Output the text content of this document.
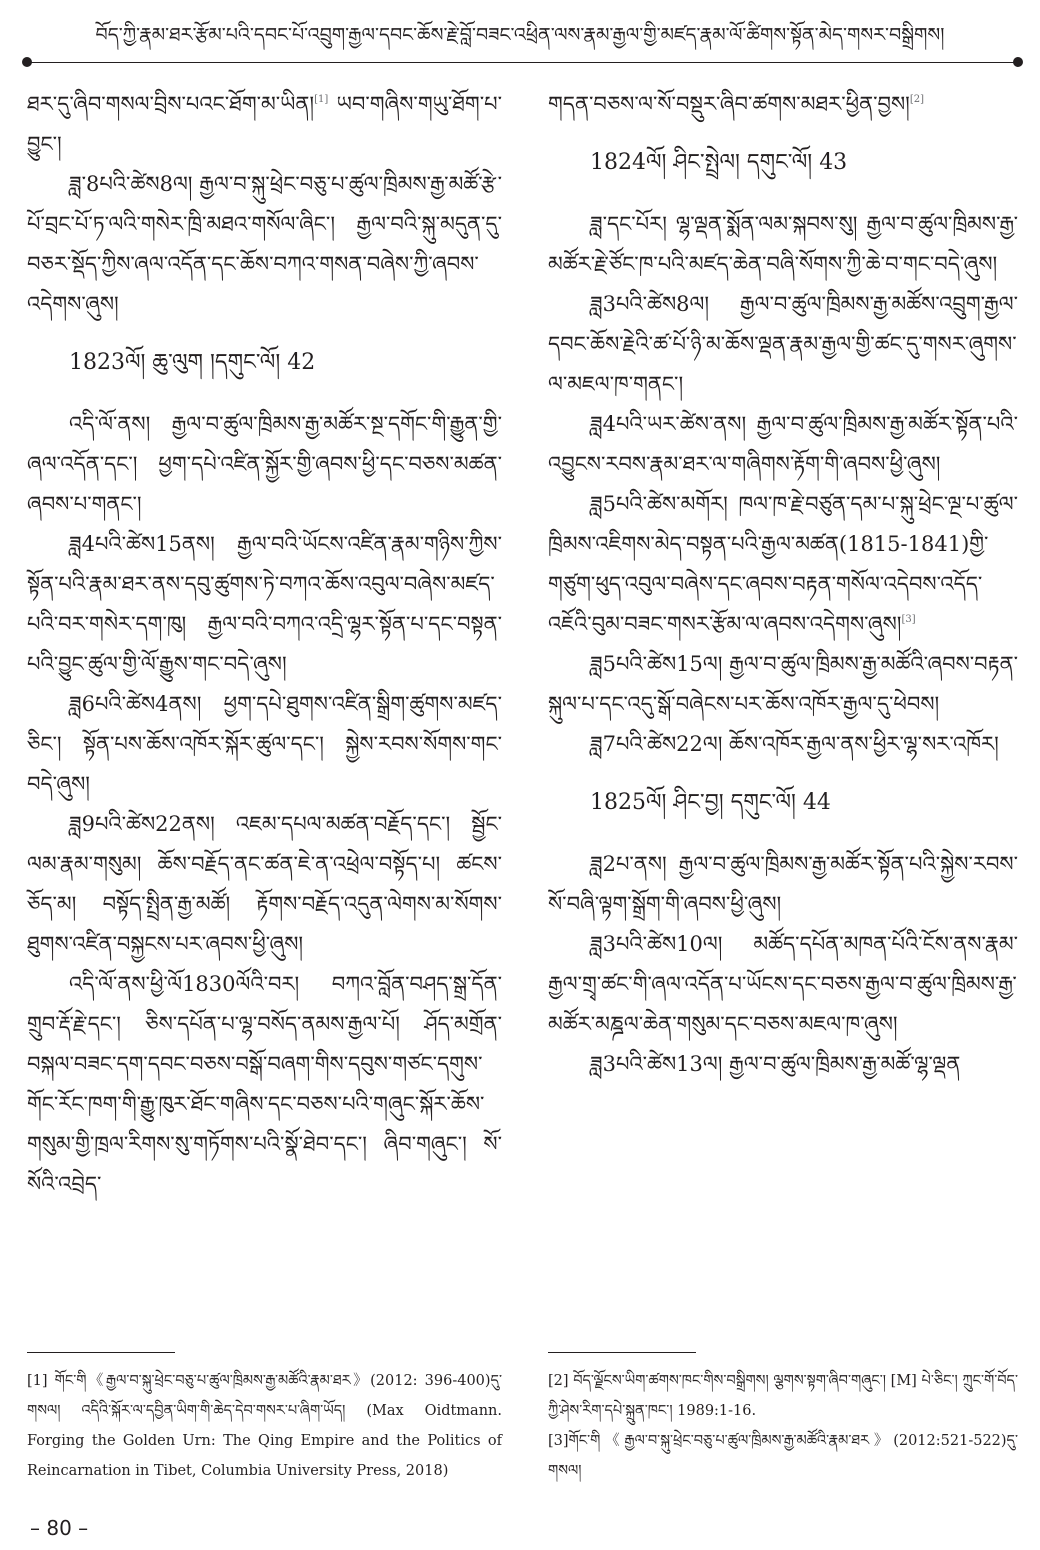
བོད་ཀྱི་རྣམ་ཐར་རྩོམ་པའི་དབང་པོ་འབྲུག་རྒྱལ་དབང་ཆོས་རྗེ་བློ་བཟང་འཕྲིན་ལས་རྣམ་རྒྱལ་གྱི་མཛད་རྣམ་ལོ་ཚིགས་སྟོན་མེད་གསར་བསྒྲིགས།

ཐར་དུ་ཞིབ་གསལ་བྲིས་པའང་ཐོག་མ་ཡིན།[1] ཡབ་གཞིས་གཡུ་ཐོག་པ་བྱུང་།

ཟླ་8པའི་ཚེས8ལ། རྒྱལ་བ་སྐུ་ཕྲེང་བཅུ་པ་ཚུལ་ཁྲིམས་རྒྱ་མཚོ་རྩེ་པོ་བྲང་པོ་ཏ་ལའི་གསེར་ཁྲི་མཐའ་གསོལ་ཞིང་། རྒྱལ་བའི་སྐུ་མདུན་དུ་བཅར་སྡོད་ཀྱིས་ཞལ་འདོན་དང་ཆོས་བཀའ་གསན་བཞེས་ཀྱི་ཞབས་འདེགས་ཞུས།

1823ལོ། ཆུ་ལུག །དགུང་ལོ། 42

འདི་ལོ་ནས། རྒྱལ་བ་ཚུལ་ཁྲིམས་རྒྱ་མཚོར་སྔ་དགོང་གི་རྒྱུན་གྱི་ཞལ་འདོན་དང་། ཕྱག་དཔེ་འཛིན་སྐྱོར་གྱི་ཞབས་ཕྱི་དང་བཅས་མཚན་ཞབས་པ་གནང་།

ཟླ4པའི་ཚེས15ནས། རྒྱལ་བའི་ཡོངས་འཛིན་རྣམ་གཉིས་ཀྱིས་སྟོན་པའི་རྣམ་ཐར་ནས་དབུ་ཚུགས་ཏེ་བཀའ་ཆོས་འབུལ་བཞེས་མཛད་པའི་བར་གསེར་དག་ཁུ། རྒྱལ་བའི་བཀའ་འདྲི་ལྷར་སྟོན་པ་དང་བསྟན་པའི་བྱུང་ཚུལ་གྱི་ལོ་རྒྱུས་གང་བདེ་ཞུས།

ཟླ6པའི་ཚེས4ནས། ཕྱག་དཔེ་ཐུགས་འཛིན་སྒྲིག་ཚུགས་མཛད་ཅིང་། སྟོན་པས་ཆོས་འཁོར་སྐོར་ཚུལ་དང་། སྐྱེས་རབས་སོགས་གང་བདེ་ཞུས།

ཟླ9པའི་ཚེས22ནས། འཇམ་དཔལ་མཚན་བརྗོད་དང་། སྦྱོང་ལམ་རྣམ་གསུམ། ཆོས་བརྗོད་ནང་ཚན་ཇེ་ན་འཕྲེལ་བསྟོད་པ། ཚངས་ཅོད་མ། བསྟོད་སྤྲིན་རྒྱ་མཚོ། རྟོགས་བརྗོད་འདུན་ལེགས་མ་སོགས་ཐུགས་འཛིན་བསྐྱངས་པར་ཞབས་ཕྱི་ཞུས།

འདི་ལོ་ནས་ཕྱི་ལོ1830ལོའི་བར། བཀའ་བློན་བཤད་སྒྲ་དོན་གྲུབ་རྡོ་རྗེ་དང་། ཅིས་དཔོན་པ་ལྷ་བསོད་ནམས་རྒྱལ་པོ། ཤོད་མགྲོན་བསྐལ་བཟང་དག་དབང་བཅས་བསྒོ་བཞག་གིས་དབུས་གཙང་དགུས་གོང་རོང་ཁག་གི་རྒྱུ་ཁུར་ཐོང་གཞིས་དང་བཅས་པའི་གཞུང་སྐོར་ཆོས་གསུམ་གྱི་ཁྲལ་རིགས་སུ་གཏོགས་པའི་སྣོ་ཐེབ་དང་། ཞིབ་གཞུང་། སོ་སོའི་འབྲེད་

གདན་བཅས་ལ་སོ་བསྡུར་ཞིབ་ཚགས་མཐར་ཕྱིན་བྱས།[2]

1824ལོ། ཤིང་སྤྲེལ། དགུང་ལོ། 43

ཟླ་དང་པོར། ལྷ་ལྡན་སྨོན་ལམ་སྐབས་སུ། རྒྱལ་བ་ཚུལ་ཁྲིམས་རྒྱ་མཚོར་རྗེ་ཙོང་ཁ་པའི་མཛད་ཆེན་བཞི་སོགས་ཀྱི་ཆེ་བ་གང་བདེ་ཞུས།

ཟླ3པའི་ཚེས8ལ། རྒྱལ་བ་ཚུལ་ཁྲིམས་རྒྱ་མཚོས་འབྲུག་རྒྱལ་དབང་ཆོས་རྗེའི་ཚ་པོ་ཉི་མ་ཆོས་ལྡན་རྣམ་རྒྱལ་གྱི་ཚང་དུ་གསར་ཞུགས་ལ་མཇལ་ཁ་གནང་།

ཟླ4པའི་ཡར་ཚེས་ནས། རྒྱལ་བ་ཚུལ་ཁྲིམས་རྒྱ་མཚོར་སྟོན་པའི་འབྱུངས་རབས་རྣམ་ཐར་ལ་གཞིགས་རྟོག་གི་ཞབས་ཕྱི་ཞུས།

ཟླ5པའི་ཚེས་མགོར། ཁལ་ཁ་རྗེ་བཙུན་དམ་པ་སྐུ་ཕྲེང་ལྔ་པ་ཚུལ་ཁྲིམས་འཇིགས་མེད་བསྟན་པའི་རྒྱལ་མཚན(1815-1841)གྱི་གཙུག་ཕུད་འབུལ་བཞེས་དང་ཞབས་བརྟན་གསོལ་འདེབས་འདོད་འཇོའི་བུམ་བཟང་གསར་རྩོམ་ལ་ཞབས་འདེགས་ཞུས།[3]

ཟླ5པའི་ཚེས15ལ། རྒྱལ་བ་ཚུལ་ཁྲིམས་རྒྱ་མཚོའི་ཞབས་བརྟན་སྐུལ་པ་དང་འདུ་སྒོ་བཞེངས་པར་ཆོས་འཁོར་རྒྱལ་དུ་ཕེབས།

ཟླ7པའི་ཚེས22ལ། ཆོས་འཁོར་རྒྱལ་ནས་ཕྱིར་ལྷ་སར་འཁོར།

1825ལོ། ཤིང་བྱ། དགུང་ལོ། 44

ཟླ2པ་ནས། རྒྱལ་བ་ཚུལ་ཁྲིམས་རྒྱ་མཚོར་སྟོན་པའི་སྐྱེས་རབས་སོ་བཞི་ལྟག་སྒྲོག་གི་ཞབས་ཕྱི་ཞུས།

ཟླ3པའི་ཚེས10ལ། མཚོད་དཔོན་མཁན་པོའི་ངོས་ནས་རྣམ་རྒྱལ་གྲྭ་ཚང་གི་ཞལ་འདོན་པ་ཡོངས་དང་བཅས་རྒྱལ་བ་ཚུལ་ཁྲིམས་རྒྱ་མཚོར་མཎྜལ་ཆེན་གསུམ་དང་བཅས་མཇལ་ཁ་ཞུས།

ཟླ3པའི་ཚེས13ལ། རྒྱལ་བ་ཚུལ་ཁྲིམས་རྒྱ་མཚོ་ལྷ་ལྡན

[1] གོང་གི《རྒྱལ་བ་སྐུ་ཕྲེང་བཅུ་པ་ཚུལ་ཁྲིམས་རྒྱ་མཚོའི་རྣམ་ཐར》(2012: 396-400)དུ་གསལ། འདིའི་སྐོར་ལ་དབྱིན་ཡིག་གི་ཆེད་དེབ་གསར་པ་ཞིག་ཡོད། (Max Oidtmann. Forging the Golden Urn: The Qing Empire and the Politics of Reincarnation in Tibet, Columbia University Press, 2018)

[2] བོད་ལྗོངས་ཡིག་ཚགས་ཁང་གིས་བསྒྲིགས། ལྕགས་སྟག་ཞིབ་གཞུང་། [M] པེ་ཅིང་། ཀྲུང་གོ་བོད་ཀྱི་ཤེས་རིག་དཔེ་སྐྲུན་ཁང་། 1989:1-16.
[3]གོང་གི《རྒྱལ་བ་སྐུ་ཕྲེང་བཅུ་པ་ཚུལ་ཁྲིམས་རྒྱ་མཚོའི་རྣམ་ཐར》(2012:521-522)དུ་གསལ།
– 80 –
